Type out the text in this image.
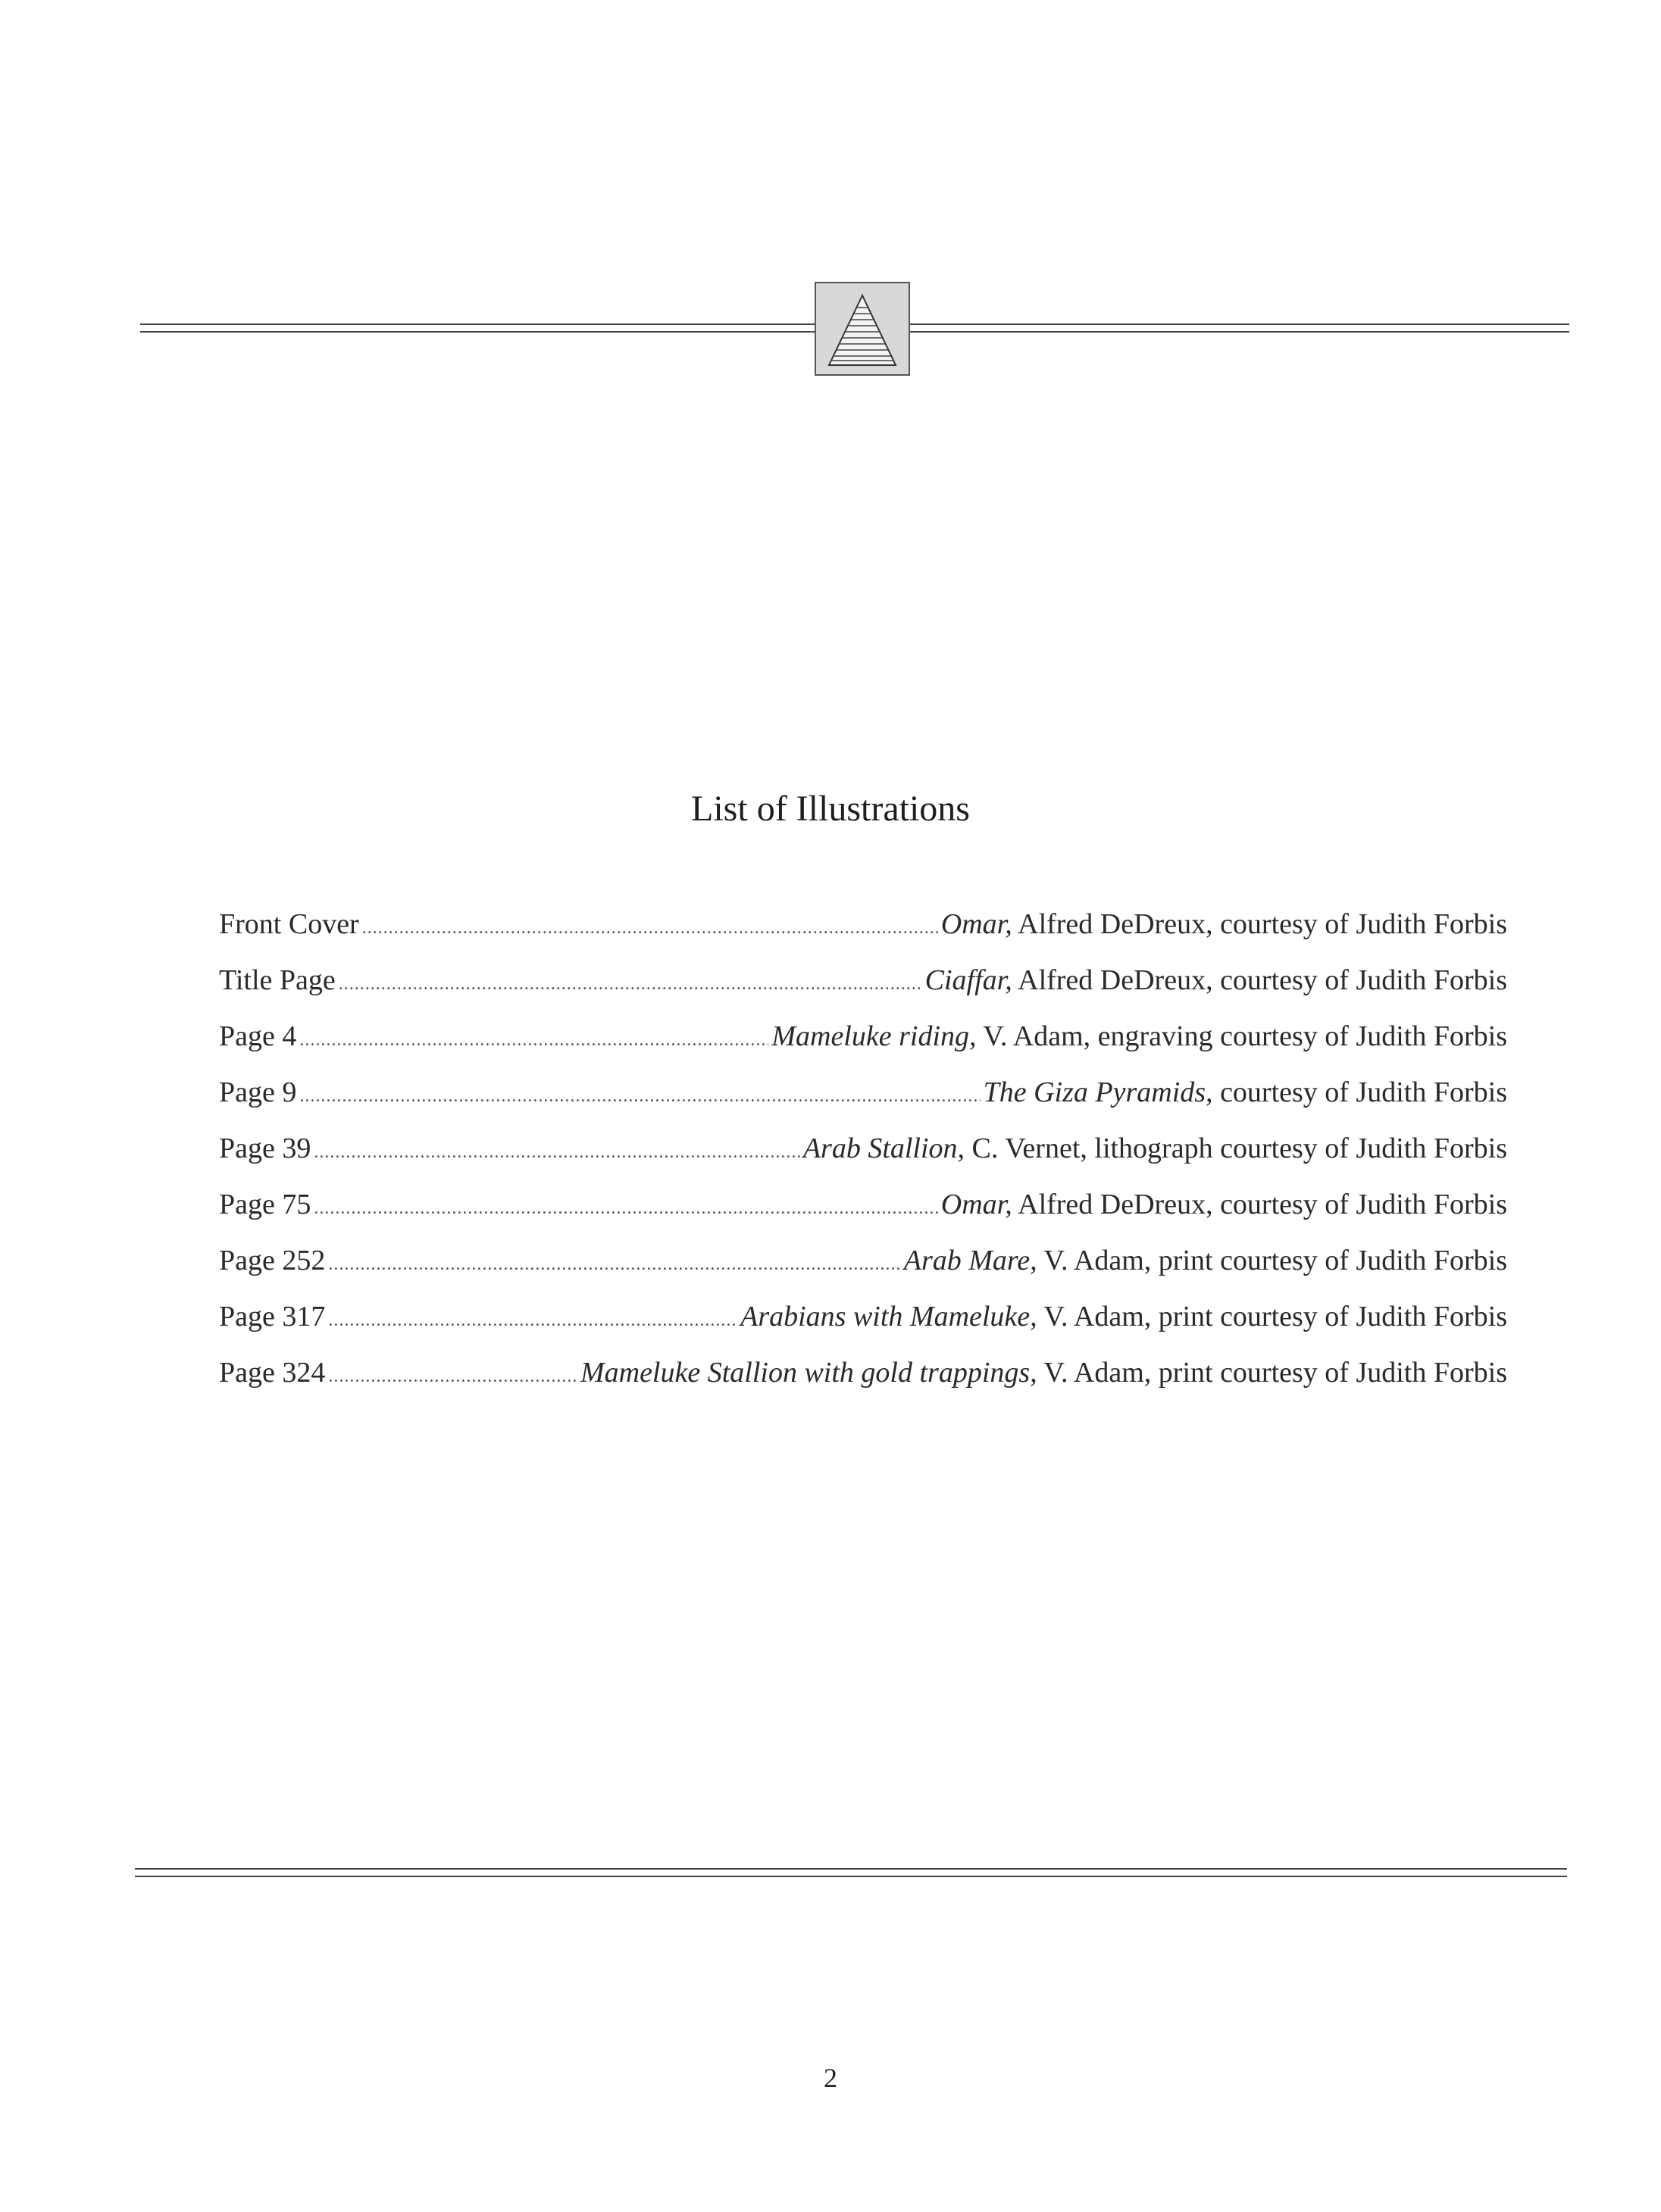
List of Illustrations
Front Cover .....	Omar, Alfred DeDreux, courtesy of Judith Forbis
Title Page .....	Ciaffar, Alfred DeDreux, courtesy of Judith Forbis
Page 4 .....	Mameluke riding, V. Adam, engraving courtesy of Judith Forbis
Page 9 .....	The Giza Pyramids, courtesy of Judith Forbis
Page 39 .....	Arab Stallion, C. Vernet, lithograph courtesy of Judith Forbis
Page 75 .....	Omar, Alfred DeDreux, courtesy of Judith Forbis
Page 252 .....	Arab Mare, V. Adam, print courtesy of Judith Forbis
Page 317 .....	Arabians with Mameluke, V. Adam, print courtesy of Judith Forbis
Page 324 .....	Mameluke Stallion with gold trappings, V. Adam, print courtesy of Judith Forbis
2
